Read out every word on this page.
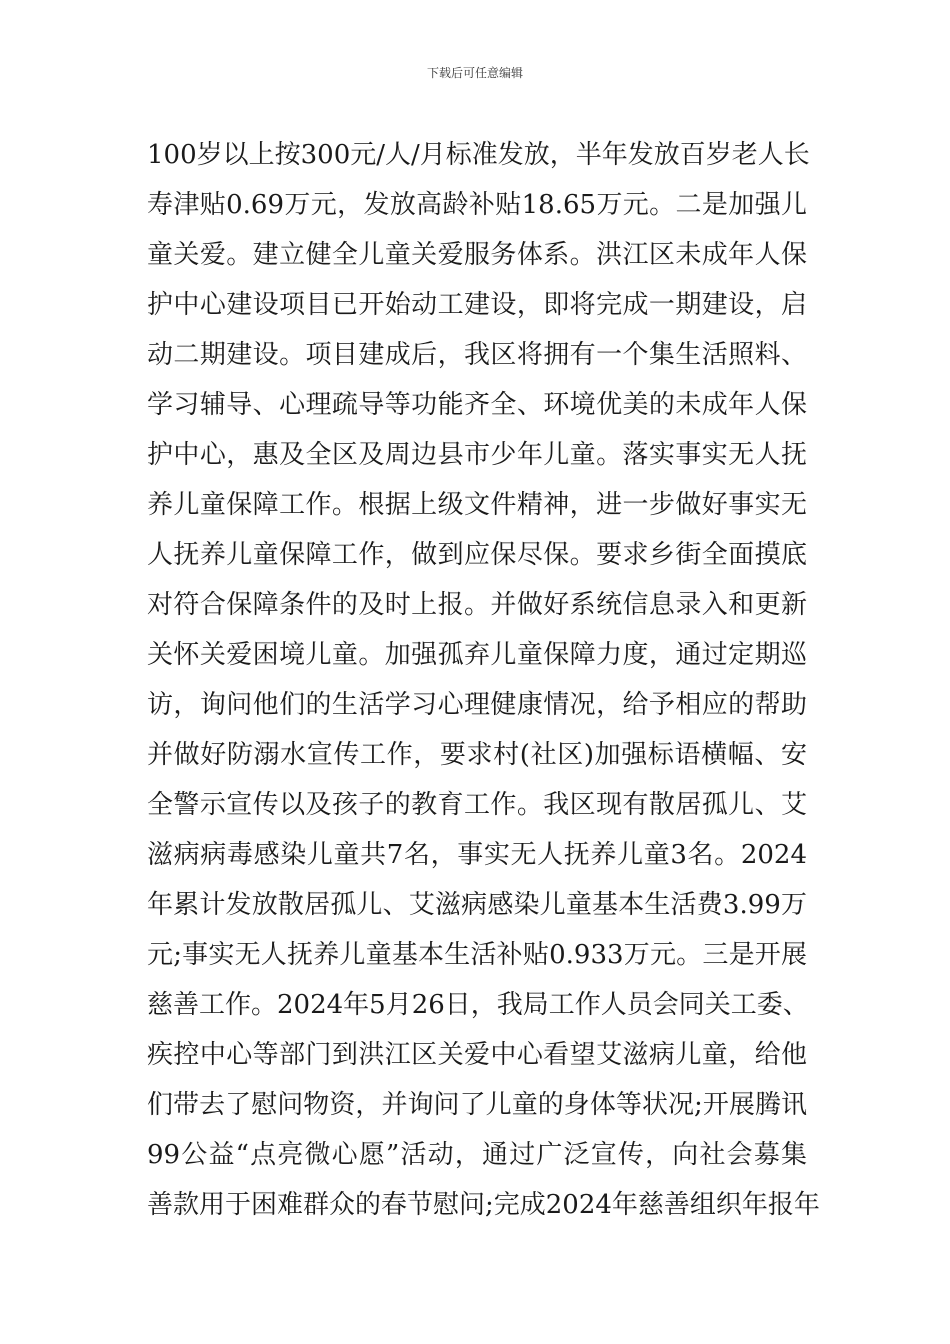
下载后可任意编辑
100岁以上按300元/人/月标准发放，半年发放百岁老人长
寿津贴0.69万元，发放高龄补贴18.65万元。二是加强儿
童关爱。建立健全儿童关爱服务体系。洪江区未成年人保
护中心建设项目已开始动工建设，即将完成一期建设，启
动二期建设。项目建成后，我区将拥有一个集生活照料、
学习辅导、心理疏导等功能齐全、环境优美的未成年人保
护中心，惠及全区及周边县市少年儿童。落实事实无人抚
养儿童保障工作。根据上级文件精神，进一步做好事实无
人抚养儿童保障工作，做到应保尽保。要求乡街全面摸底
对符合保障条件的及时上报。并做好系统信息录入和更新
关怀关爱困境儿童。加强孤弃儿童保障力度，通过定期巡
访，询问他们的生活学习心理健康情况，给予相应的帮助
并做好防溺水宣传工作，要求村(社区)加强标语横幅、安
全警示宣传以及孩子的教育工作。我区现有散居孤儿、艾
滋病病毒感染儿童共7名，事实无人抚养儿童3名。2024
年累计发放散居孤儿、艾滋病感染儿童基本生活费3.99万
元;事实无人抚养儿童基本生活补贴0.933万元。三是开展
慈善工作。2024年5月26日，我局工作人员会同关工委、
疾控中心等部门到洪江区关爱中心看望艾滋病儿童，给他
们带去了慰问物资，并询问了儿童的身体等状况;开展腾讯
99公益“点亮微心愿”活动，通过广泛宣传，向社会募集
善款用于困难群众的春节慰问;完成2024年慈善组织年报年
